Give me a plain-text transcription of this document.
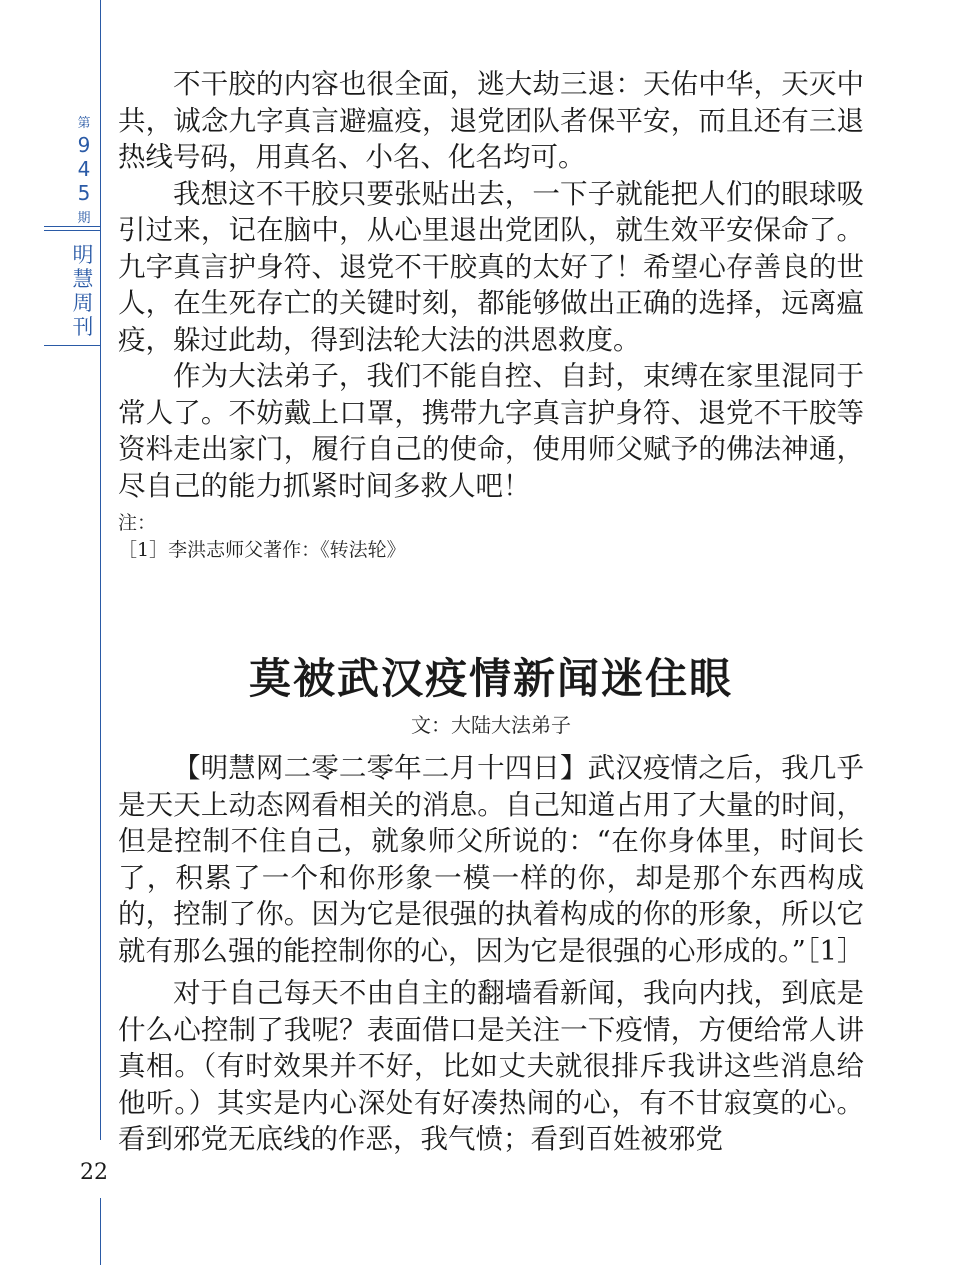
第
9
4
5
期
明
慧
周
刊

不干胶的内容也很全面，逃大劫三退：天佑中华，天灭中共，诚念九字真言避瘟疫，退党团队者保平安，而且还有三退热线号码，用真名、小名、化名均可。

我想这不干胶只要张贴出去，一下子就能把人们的眼球吸引过来，记在脑中，从心里退出党团队，就生效平安保命了。九字真言护身符、退党不干胶真的太好了！希望心存善良的世人，在生死存亡的关键时刻，都能够做出正确的选择，远离瘟疫，躲过此劫，得到法轮大法的洪恩救度。

作为大法弟子，我们不能自控、自封，束缚在家里混同于常人了。不妨戴上口罩，携带九字真言护身符、退党不干胶等资料走出家门，履行自己的使命，使用师父赋予的佛法神通，尽自己的能力抓紧时间多救人吧！

注：
［1］李洪志师父著作：《转法轮》
莫被武汉疫情新闻迷住眼
文：大陆大法弟子

【明慧网二零二零年二月十四日】武汉疫情之后，我几乎是天天上动态网看相关的消息。自己知道占用了大量的时间，但是控制不住自己，就象师父所说的：“在你身体里，时间长了，积累了一个和你形象一模一样的你，却是那个东西构成的，控制了你。因为它是很强的执着构成的你的形象，所以它就有那么强的能控制你的心，因为它是很强的心形成的。”［1］

对于自己每天不由自主的翻墙看新闻，我向内找，到底是什么心控制了我呢？表面借口是关注一下疫情，方便给常人讲真相。（有时效果并不好，比如丈夫就很排斥我讲这些消息给他听。）其实是内心深处有好凑热闹的心，有不甘寂寞的心。看到邪党无底线的作恶，我气愤；看到百姓被邪党

22
